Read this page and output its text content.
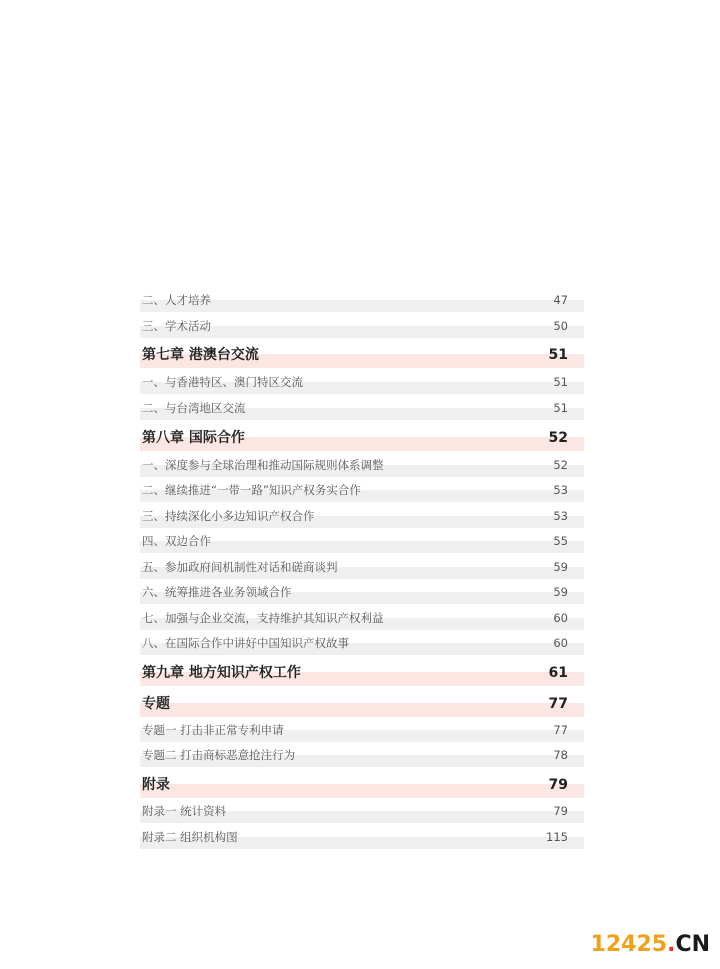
二、人才培养	47
三、学术活动	50
第七章 港澳台交流	51
一、与香港特区、澳门特区交流	51
二、与台湾地区交流	51
第八章 国际合作	52
一、深度参与全球治理和推动国际规则体系调整	52
二、继续推进“一带一路”知识产权务实合作	53
三、持续深化小多边知识产权合作	53
四、双边合作	55
五、参加政府间机制性对话和磋商谈判	59
六、统筹推进各业务领域合作	59
七、加强与企业交流，支持维护其知识产权利益	60
八、在国际合作中讲好中国知识产权故事	60
第九章 地方知识产权工作	61
专题	77
专题一 打击非正常专利申请	77
专题二 打击商标恶意抢注行为	78
附录	79
附录一 统计资料	79
附录二 组织机构图	115
12425.CN
